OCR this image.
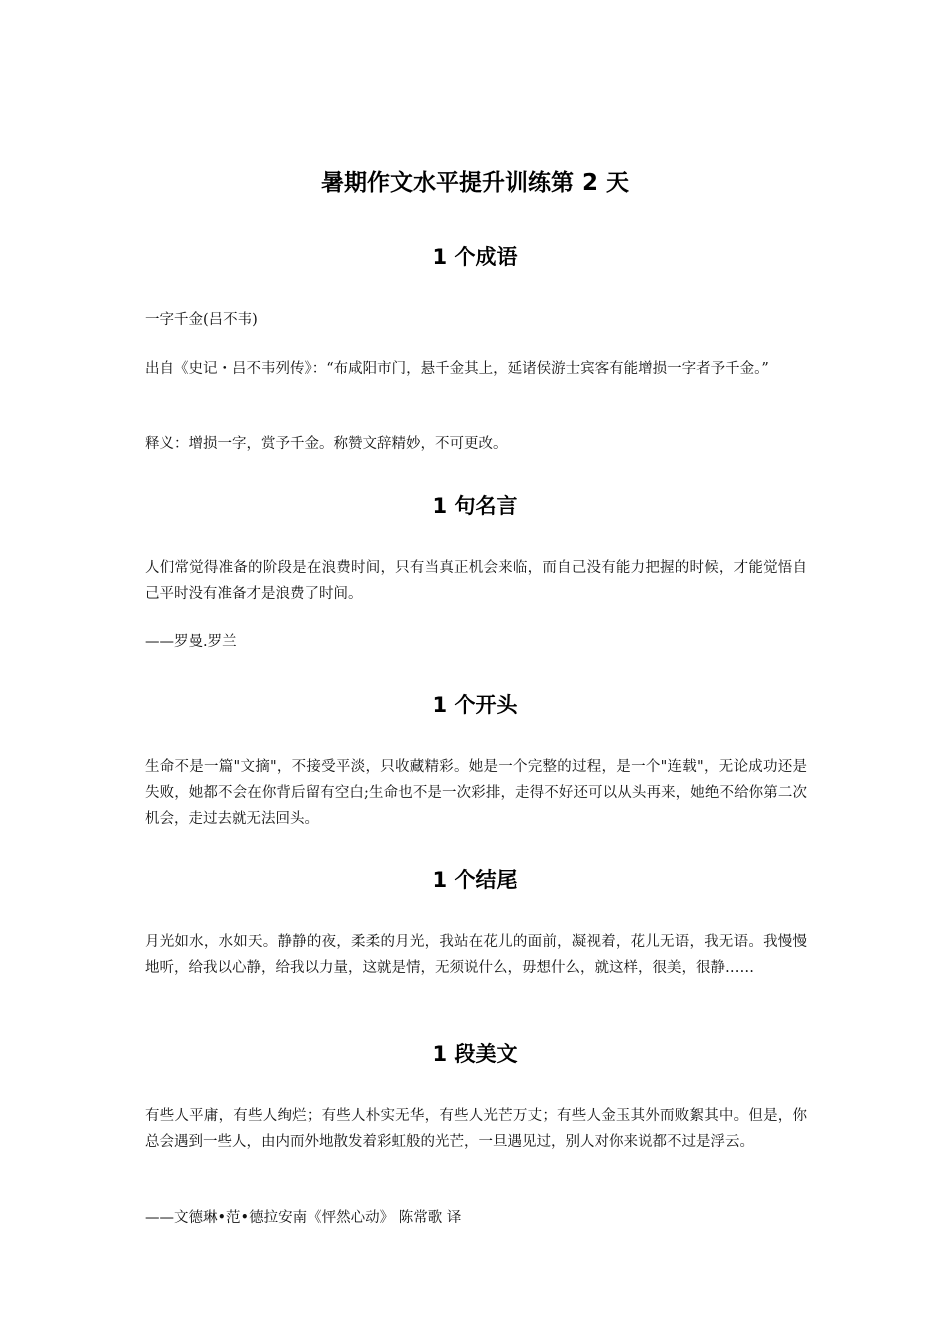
暑期作文水平提升训练第 2 天
1 个成语

一字千金(吕不韦)

出自《史记・吕不韦列传》：“布咸阳市门，悬千金其上，延诸侯游士宾客有能增损一字者予千金。”

释义：增损一字，赏予千金。称赞文辞精妙，不可更改。

1 句名言

人们常觉得准备的阶段是在浪费时间，只有当真正机会来临，而自己没有能力把握的时候，才能觉悟自己平时没有准备才是浪费了时间。

——罗曼.罗兰

1 个开头

生命不是一篇"文摘"，不接受平淡，只收藏精彩。她是一个完整的过程，是一个"连载"，无论成功还是失败，她都不会在你背后留有空白;生命也不是一次彩排，走得不好还可以从头再来，她绝不给你第二次机会，走过去就无法回头。

1 个结尾

月光如水，水如天。静静的夜，柔柔的月光，我站在花儿的面前，凝视着，花儿无语，我无语。我慢慢地听，给我以心静，给我以力量，这就是情，无须说什么，毋想什么，就这样，很美，很静……

1 段美文

有些人平庸，有些人绚烂；有些人朴实无华，有些人光芒万丈；有些人金玉其外而败絮其中。但是，你总会遇到一些人，由内而外地散发着彩虹般的光芒，一旦遇见过，别人对你来说都不过是浮云。

——文德琳•范•德拉安南《怦然心动》 陈常歌 译
